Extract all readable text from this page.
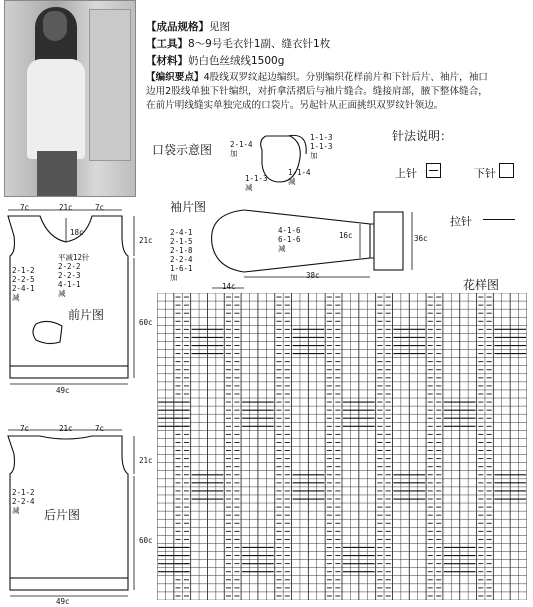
【成品规格】见图
【工具】8～9号毛衣针1副、缝衣针1枚
【材料】奶白色丝绒线1500g
【编织要点】4股线双罗纹起边编织。分别编织花样前片和下针后片、袖片，袖口
边用2股线单独下针编织，对折拿活褶后与袖片缝合。缝接肩部，腋下整体缝合，
在前片明线缝实单独完成的口袋片。另起针从正面挑织双罗纹针领边。
口袋示意图 2-1-4
加
1-1-3
1-1-3
加
1-1-4
减
1-1-3
减
针法说明：
上针	下针
拉针
袖片图
16c	36c
38c
14c
2-4-1
2-1-5
2-1-8
2-2-4
1-6-1
加
4-1-6
6-1-6
减
7c	21c	7c
18c
21c
60c
49c
平减12针
2-2-2
2-2-3
4-1-1
减
2-1-2
2-2-5
2-4-1
减
前片图
7c	21c	7c
21c
60c
49c
2-1-2
2-2-4
减	后片图
花样图
